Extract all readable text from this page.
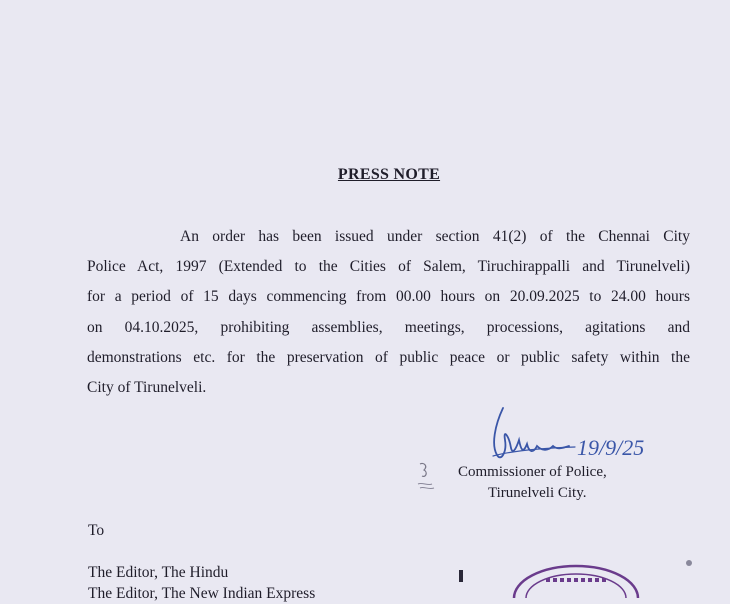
PRESS NOTE
An order has been issued under section 41(2) of the Chennai City
Police Act, 1997 (Extended to the Cities of Salem, Tiruchirappalli and Tirunelveli)
for a period of 15 days commencing from 00.00 hours on 20.09.2025 to 24.00 hours
on 04.10.2025, prohibiting assemblies, meetings, processions, agitations and
demonstrations etc. for the preservation of public peace or public safety within the
City of Tirunelveli.
19/9/25
Commissioner of Police,
Tirunelveli City.
To
The Editor, The Hindu
The Editor, The New Indian Express
